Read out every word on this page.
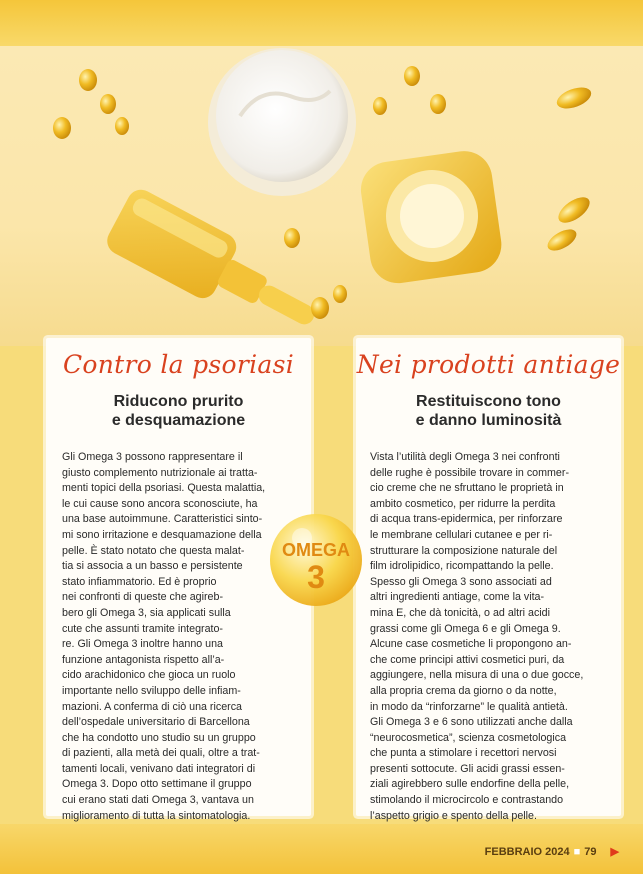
Contro la psoriasi
Riducono prurito
e desquamazione

Gli Omega 3 possono rappresentare il
giusto complemento nutrizionale ai tratta-
menti topici della psoriasi. Questa malattia,
le cui cause sono ancora sconosciute, ha
una base autoimmune. Caratteristici sinto-
mi sono irritazione e desquamazione della
pelle. È stato notato che questa malat-
tia si associa a un basso e persistente
stato infiammatorio. Ed è proprio
nei confronti di queste che agireb-
bero gli Omega 3, sia applicati sulla
cute che assunti tramite integrato-
re. Gli Omega 3 inoltre hanno una
funzione antagonista rispetto all’a-
cido arachidonico che gioca un ruolo
importante nello sviluppo delle infiam-
mazioni. A conferma di ciò una ricerca
dell’ospedale universitario di Barcellona
che ha condotto uno studio su un gruppo
di pazienti, alla metà dei quali, oltre a trat-
tamenti locali, venivano dati integratori di
Omega 3. Dopo otto settimane il gruppo
cui erano stati dati Omega 3, vantava un
miglioramento di tutta la sintomatologia.

Nei prodotti antiage
Restituiscono tono
e danno luminosità

Vista l’utilità degli Omega 3 nei confronti
delle rughe è possibile trovare in commer-
cio creme che ne sfruttano le proprietà in
ambito cosmetico, per ridurre la perdita
di acqua trans-epidermica, per rinforzare
le membrane cellulari cutanee e per ri-
strutturare la composizione naturale del
film idrolipidico, ricompattando la pelle.
Spesso gli Omega 3 sono associati ad
altri ingredienti antiage, come la vita-
mina E, che dà tonicità, o ad altri acidi
grassi come gli Omega 6 e gli Omega 9.
Alcune case cosmetiche li propongono an-
che come principi attivi cosmetici puri, da
aggiungere, nella misura di una o due gocce,
alla propria crema da giorno o da notte,
in modo da “rinforzarne” le qualità antietà.
Gli Omega 3 e 6 sono utilizzati anche dalla
“neurocosmetica”, scienza cosmetologica
che punta a stimolare i recettori nervosi
presenti sottocute. Gli acidi grassi essen-
ziali agirebbero sulle endorfine della pelle,
stimolando il microcircolo e contrastando
l’aspetto grigio e spento della pelle.

OMEGA
3
FEBBRAIO 2024 ■ 79 ▶
